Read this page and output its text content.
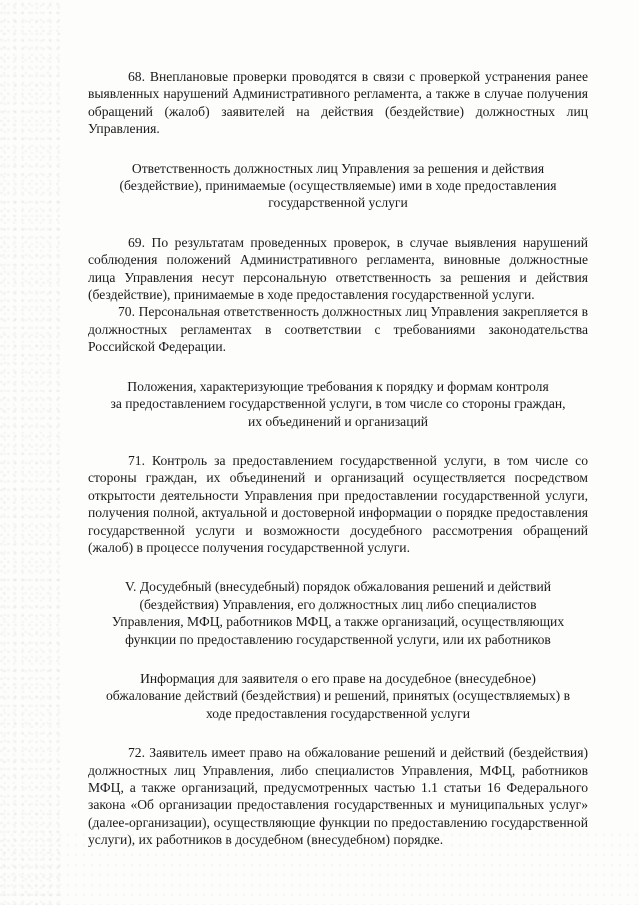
68. Внеплановые проверки проводятся в связи с проверкой устранения ранее выявленных нарушений Административного регламента, а также в случае получения обращений (жалоб) заявителей на действия (бездействие) должностных лиц Управления.

Ответственность должностных лиц Управления за решения и действия
(бездействие), принимаемые (осуществляемые) ими в ходе предоставления
государственной услуги

69. По результатам проведенных проверок, в случае выявления нарушений соблюдения положений Административного регламента, виновные должностные лица Управления несут персональную ответственность за решения и действия (бездействие), принимаемые в ходе предоставления государственной услуги.

70. Персональная ответственность должностных лиц Управления закрепляется в должностных регламентах в соответствии с требованиями законодательства Российской Федерации.

Положения, характеризующие требования к порядку и формам контроля
за предоставлением государственной услуги, в том числе со стороны граждан,
их объединений и организаций

71. Контроль за предоставлением государственной услуги, в том числе со стороны граждан, их объединений и организаций осуществляется посредством открытости деятельности Управления при предоставлении государственной услуги, получения полной, актуальной и достоверной информации о порядке предоставления государственной услуги и возможности досудебного рассмотрения обращений (жалоб) в процессе получения государственной услуги.

V. Досудебный (внесудебный) порядок обжалования решений и действий
(бездействия) Управления, его должностных лиц либо специалистов
Управления, МФЦ, работников МФЦ, а также организаций, осуществляющих
функции по предоставлению государственной услуги, или их работников
Информация для заявителя о его праве на досудебное (внесудебное)
обжалование действий (бездействия) и решений, принятых (осуществляемых) в
ходе предоставления государственной услуги

72. Заявитель имеет право на обжалование решений и действий (бездействия) должностных лиц Управления, либо специалистов Управления, МФЦ, работников МФЦ, а также организаций, предусмотренных частью 1.1 статьи 16 Федерального закона «Об организации предоставления государственных и муниципальных услуг» (далее-организации), осуществляющие функции по предоставлению государственной услуги), их работников в досудебном (внесудебном) порядке.
